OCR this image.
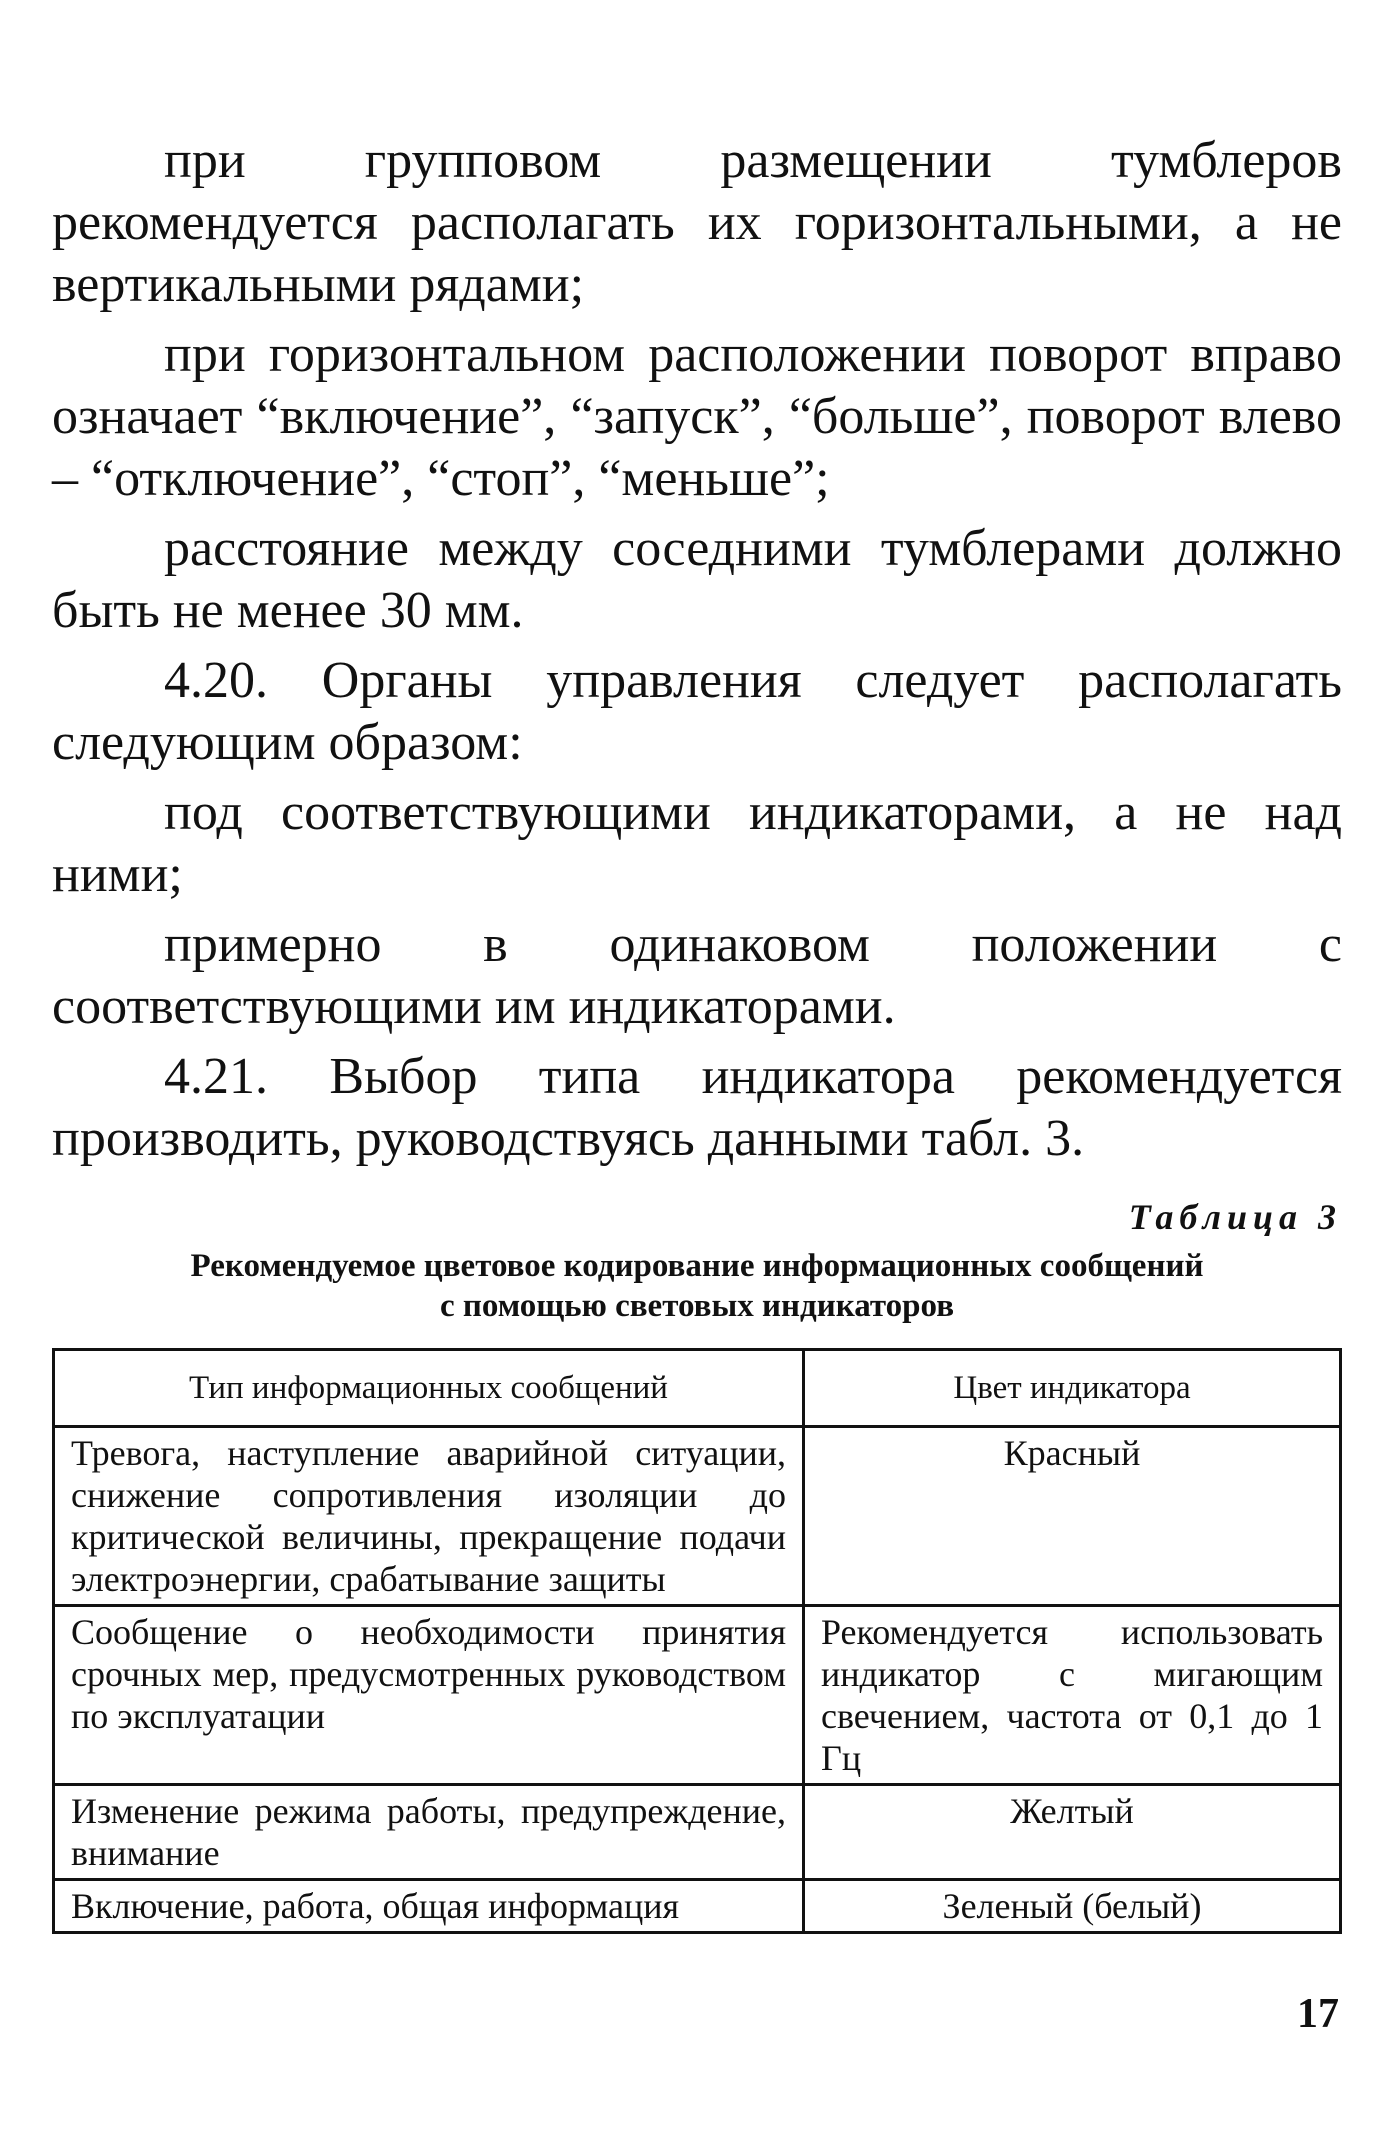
при групповом размещении тумблеров рекомендуется располагать их горизонтальными, а не вертикальными рядами;

при горизонтальном расположении поворот вправо означает “включение”, “запуск”, “больше”, поворот влево – “отключение”, “стоп”, “меньше”;

расстояние между соседними тумблерами должно быть не менее 30 мм.

4.20. Органы управления следует располагать следующим образом:

под соответствующими индикаторами, а не над ними;

примерно в одинаковом положении с соответствующими им индикаторами.

4.21. Выбор типа индикатора рекомендуется производить, руководствуясь данными табл. 3.

Таблица 3
Рекомендуемое цветовое кодирование информационных сообщений
с помощью световых индикаторов
Тип информационных сообщений	Цвет индикатора
Тревога, наступление аварийной ситуации, снижение сопротивления изоляции до критической величины, прекращение подачи электроэнергии, срабатывание защиты	Красный
Сообщение о необходимости принятия срочных мер, предусмотренных руководством по эксплуатации	Рекомендуется использовать индикатор с мигающим свечением, частота от 0,1 до 1 Гц
Изменение режима работы, предупреждение, внимание	Желтый
Включение, работа, общая информация	Зеленый (белый)
17
